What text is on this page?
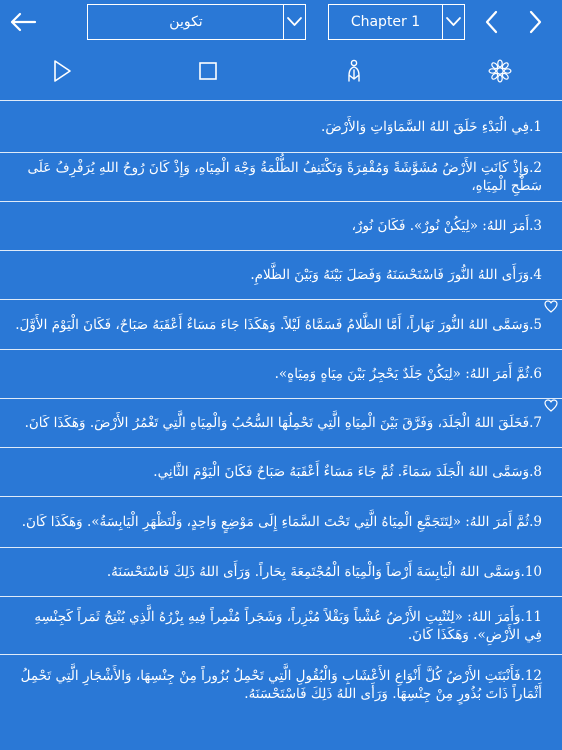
تكوين	Chapter 1
1.فِي الْبَدْءِ خَلَقَ اللهُ السَّمَاوَاتِ وَالأَرْضَ.
2.وَإِذْ كَانَتِ الأَرْضُ مُشَوَّشَةً وَمُقْفِرَةً وَتَكْتَنِفُ الظُّلْمَةُ وَجْهَ الْمِيَاهِ، وَإِذْ كَانَ رُوحُ اللهِ يُرَفْرِفُ عَلَى سَطْحِ الْمِيَاهِ،
3.أَمَرَ اللهُ: «لِيَكُنْ نُورٌ». فَكَانَ نُورٌ،
4.وَرَأَى اللهُ النُّورَ فَاسْتَحْسَنَهُ وَفَصَلَ بَيْنَهُ وَبَيْنَ الظَّلامِ.
5.وَسَمَّى اللهُ النُّورَ نَهَاراً، أَمَّا الظَّلامُ فَسَمَّاهُ لَيْلاً. وَهَكَذَا جَاءَ مَسَاءٌ أَعْقَبَهُ صَبَاحٌ، فَكَانَ الْيَوْمَ الأَوَّلَ.
6.ثُمَّ أَمَرَ اللهُ: «لِيَكُنْ جَلَدٌ يَحْجِزُ بَيْنَ مِيَاهٍ وَمِيَاهٍ».
7.فَخَلَقَ اللهُ الْجَلَدَ، وَفَرَّقَ بَيْنَ الْمِيَاهِ الَّتِي تَحْمِلُهَا السُّحُبُ وَالْمِيَاهِ الَّتِي تَغْمُرُ الأَرْضَ. وَهَكَذَا كَانَ.
8.وَسَمَّى اللهُ الْجَلَدَ سَمَاءً. ثُمَّ جَاءَ مَسَاءٌ أَعْقَبَهُ صَبَاحٌ فَكَانَ الْيَوْمَ الثَّانِي.
9.ثُمَّ أَمَرَ اللهُ: «لِتَتَجَمَّعِ الْمِيَاهُ الَّتِي تَحْتَ السَّمَاءِ إِلَى مَوْضِعٍ وَاحِدٍ، وَلْتَظْهَرِ الْيَابِسَةُ». وَهَكَذَا كَانَ.
10.وَسَمَّى اللهُ الْيَابِسَةَ أَرْضاً وَالْمِيَاهَ الْمُجْتَمِعَةَ بِحَاراً. وَرَأَى اللهُ ذَلِكَ فَاسْتَحْسَنَهُ.
11.وَأَمَرَ اللهُ: «لِتُنْبِتِ الأَرْضُ عُشْباً وَبَقْلاً مُبْزِراً، وَشَجَراً مُثْمِراً فِيهِ بِزْرُهُ الَّذِي يُنْتِجُ ثَمَراً كَجِنْسِهِ فِي الأَرْضِ». وَهَكَذَا كَانَ.
12.فَأَنْبَتَتِ الأَرْضُ كُلَّ أَنْوَاعِ الأَعْشَابِ وَالْبُقُولِ الَّتِي تَحْمِلُ بُزُوراً مِنْ جِنْسِهَا، وَالأَشْجَارِ الَّتِي تَحْمِلُ أَثْمَاراً ذَاتَ بُذُورٍ مِنْ جِنْسِهَا. وَرَأَى اللهُ ذَلِكَ فَاسْتَحْسَنَهُ.
